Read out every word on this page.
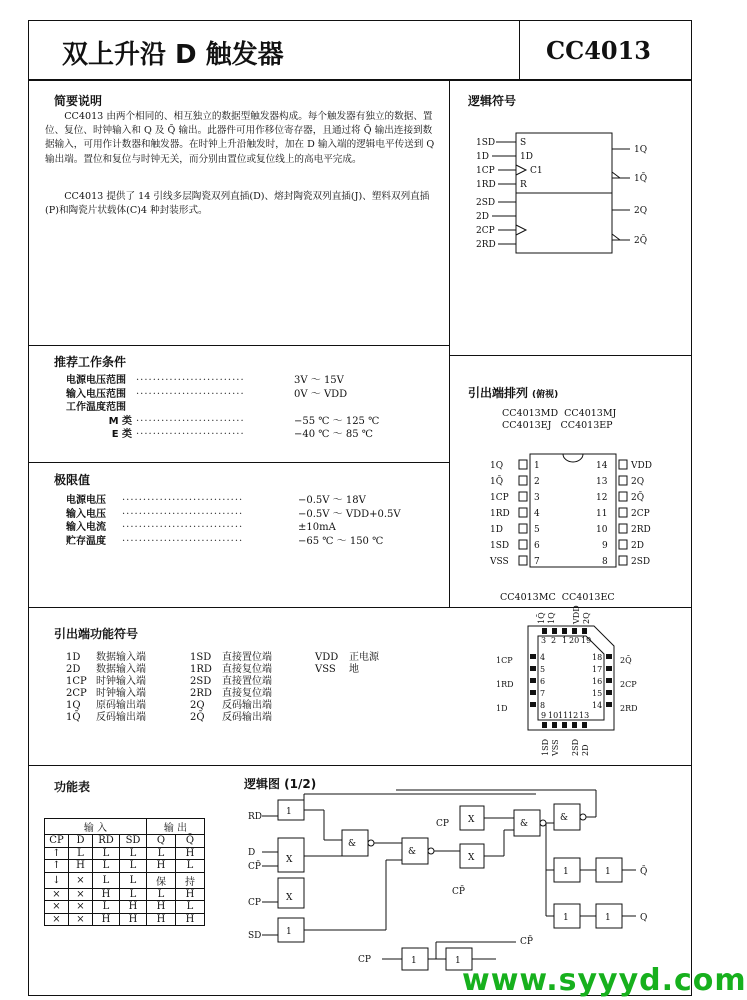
双上升沿 D 触发器	CC4013
简要说明
CC4013 由两个相同的、相互独立的数据型触发器构成。每个触发器有独立的数据、置位、复位、时钟输入和 Q 及 Q̄ 输出。此器件可用作移位寄存器，且通过将 Q̄ 输出连接到数据输入，可用作计数器和触发器。在时钟上升沿触发时，加在 D 输入端的逻辑电平传送到 Q 输出端。置位和复位与时钟无关，而分别由置位或复位线上的高电平完成。
CC4013 提供了 14 引线多层陶瓷双列直插(D)、熔封陶瓷双列直插(J)、塑料双列直插(P)和陶瓷片状载体(C)4 种封装形式。
逻辑符号
1SD
1D
1CP
1RD
2SD
2D
2CP
2RD
S
1D
C1
R
1Q
1Q̄
2Q
2Q̄
推荐工作条件
电源电压范围	··························	3V ～ 15V
输入电压范围	··························	0V ～ VDD
工作温度范围
M 类 ··························	−55 ℃ ～ 125 ℃
E 类 ··························	−40 ℃ ～ 85 ℃
极限值
电源电压	·····························	−0.5V ～ 18V
输入电压	·····························	−0.5V ～ VDD+0.5V
输入电流	·····························	±10mA
贮存温度	·····························	−65 ℃ ～ 150 ℃
引出端功能符号
1D 数据输入端
2D 数据输入端
1CP 时钟输入端
2CP 时钟输入端
1Q 原码输出端
1Q̄ 反码输出端
1SD 直接置位端
1RD 直接复位端
2SD 直接置位端
2RD 直接复位端
2Q 反码输出端
2Q̄ 反码输出端
VDD 正电源
VSS 地
引出端排列 (俯视)
CC4013MD CC4013MJ
CC4013EJ CC4013EP
1Q	1
1Q̄	2
1CP	3
1RD	4
1D	5
1SD	6
VSS	7
14	VDD
13	2Q
12	2Q̄
11	2CP
10	2RD
9	2D
8	2SD
CC4013MC CC4013EC
1Q̄ 1Q VDD 2Q
3 2 1 20 19
1CP
1RD
1D
4
5
6
7
8
18
17
16
15
14
2Q̄
2CP
2RD
9 10 11 12 13
1SD VSS 2SD 2D
功能表
输 入				输 出	
CP	D	RD	SD	Q	Q̄
↑	L	L	L	L	H
↑	H	L	L	H	L
↓	×	L	L	保	持
×	×	H	L	L	H
×	×	L	H	H	L
×	×	H	H	H	H
逻辑图 (1/2)
RD
D
CP̄
CP
SD
CP
CP̄
CP
CP̄
Q̄
Q
1
X
X
1
&
&
X
X
&
&
1	1
1	1
1	1
www.syyyd.com
